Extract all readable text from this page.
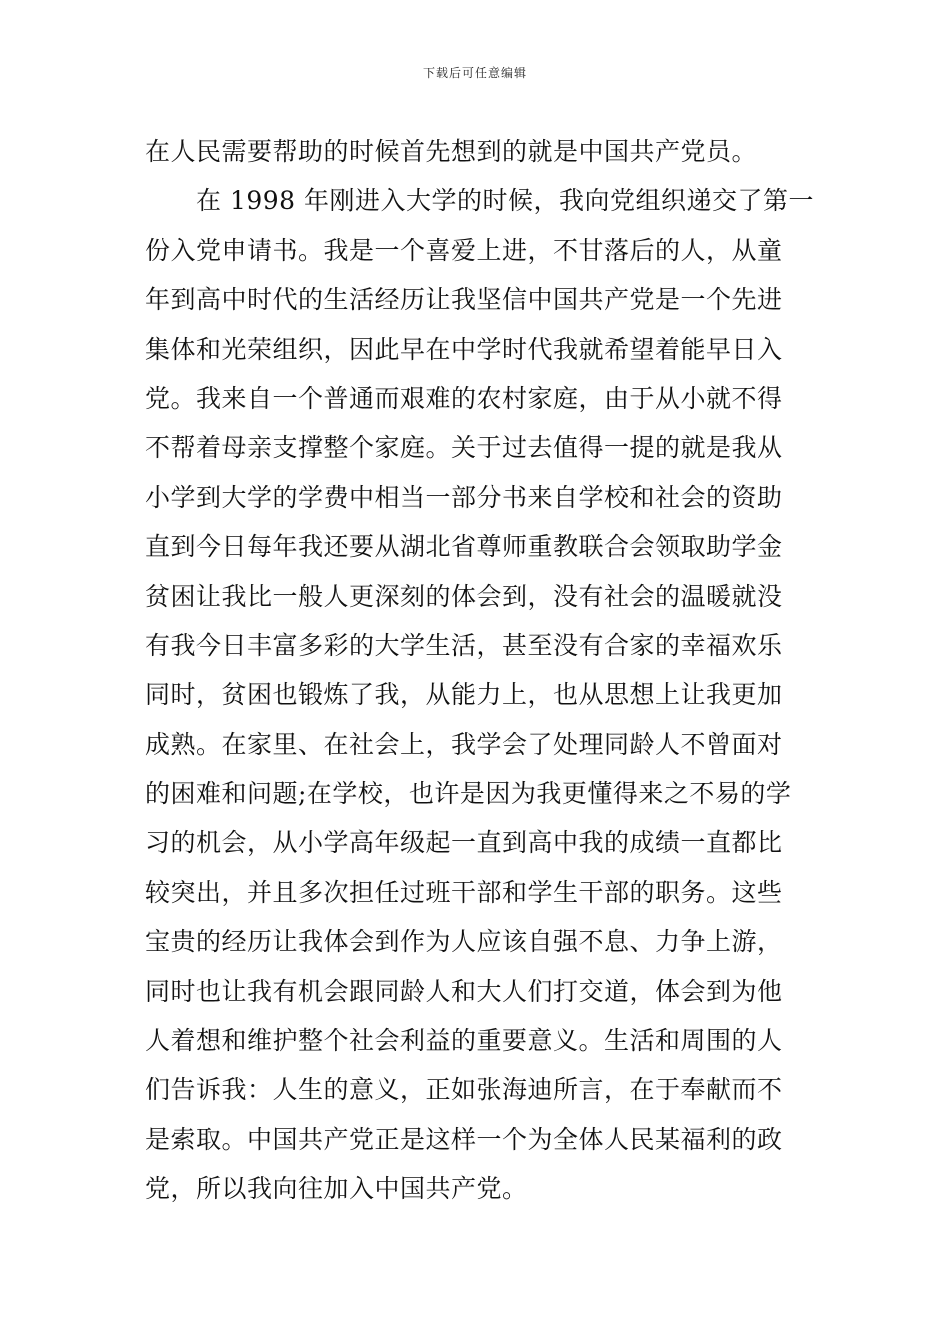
下载后可任意编辑
在人民需要帮助的时候首先想到的就是中国共产党员。
　　在 1998 年刚进入大学的时候，我向党组织递交了第一
份入党申请书。我是一个喜爱上进，不甘落后的人，从童
年到高中时代的生活经历让我坚信中国共产党是一个先进
集体和光荣组织，因此早在中学时代我就希望着能早日入
党。我来自一个普通而艰难的农村家庭，由于从小就不得
不帮着母亲支撑整个家庭。关于过去值得一提的就是我从
小学到大学的学费中相当一部分书来自学校和社会的资助
直到今日每年我还要从湖北省尊师重教联合会领取助学金
贫困让我比一般人更深刻的体会到，没有社会的温暖就没
有我今日丰富多彩的大学生活，甚至没有合家的幸福欢乐
同时，贫困也锻炼了我，从能力上，也从思想上让我更加
成熟。在家里、在社会上，我学会了处理同龄人不曾面对
的困难和问题;在学校，也许是因为我更懂得来之不易的学
习的机会，从小学高年级起一直到高中我的成绩一直都比
较突出，并且多次担任过班干部和学生干部的职务。这些
宝贵的经历让我体会到作为人应该自强不息、力争上游，
同时也让我有机会跟同龄人和大人们打交道，体会到为他
人着想和维护整个社会利益的重要意义。生活和周围的人
们告诉我：人生的意义，正如张海迪所言，在于奉献而不
是索取。中国共产党正是这样一个为全体人民某福利的政
党，所以我向往加入中国共产党。
